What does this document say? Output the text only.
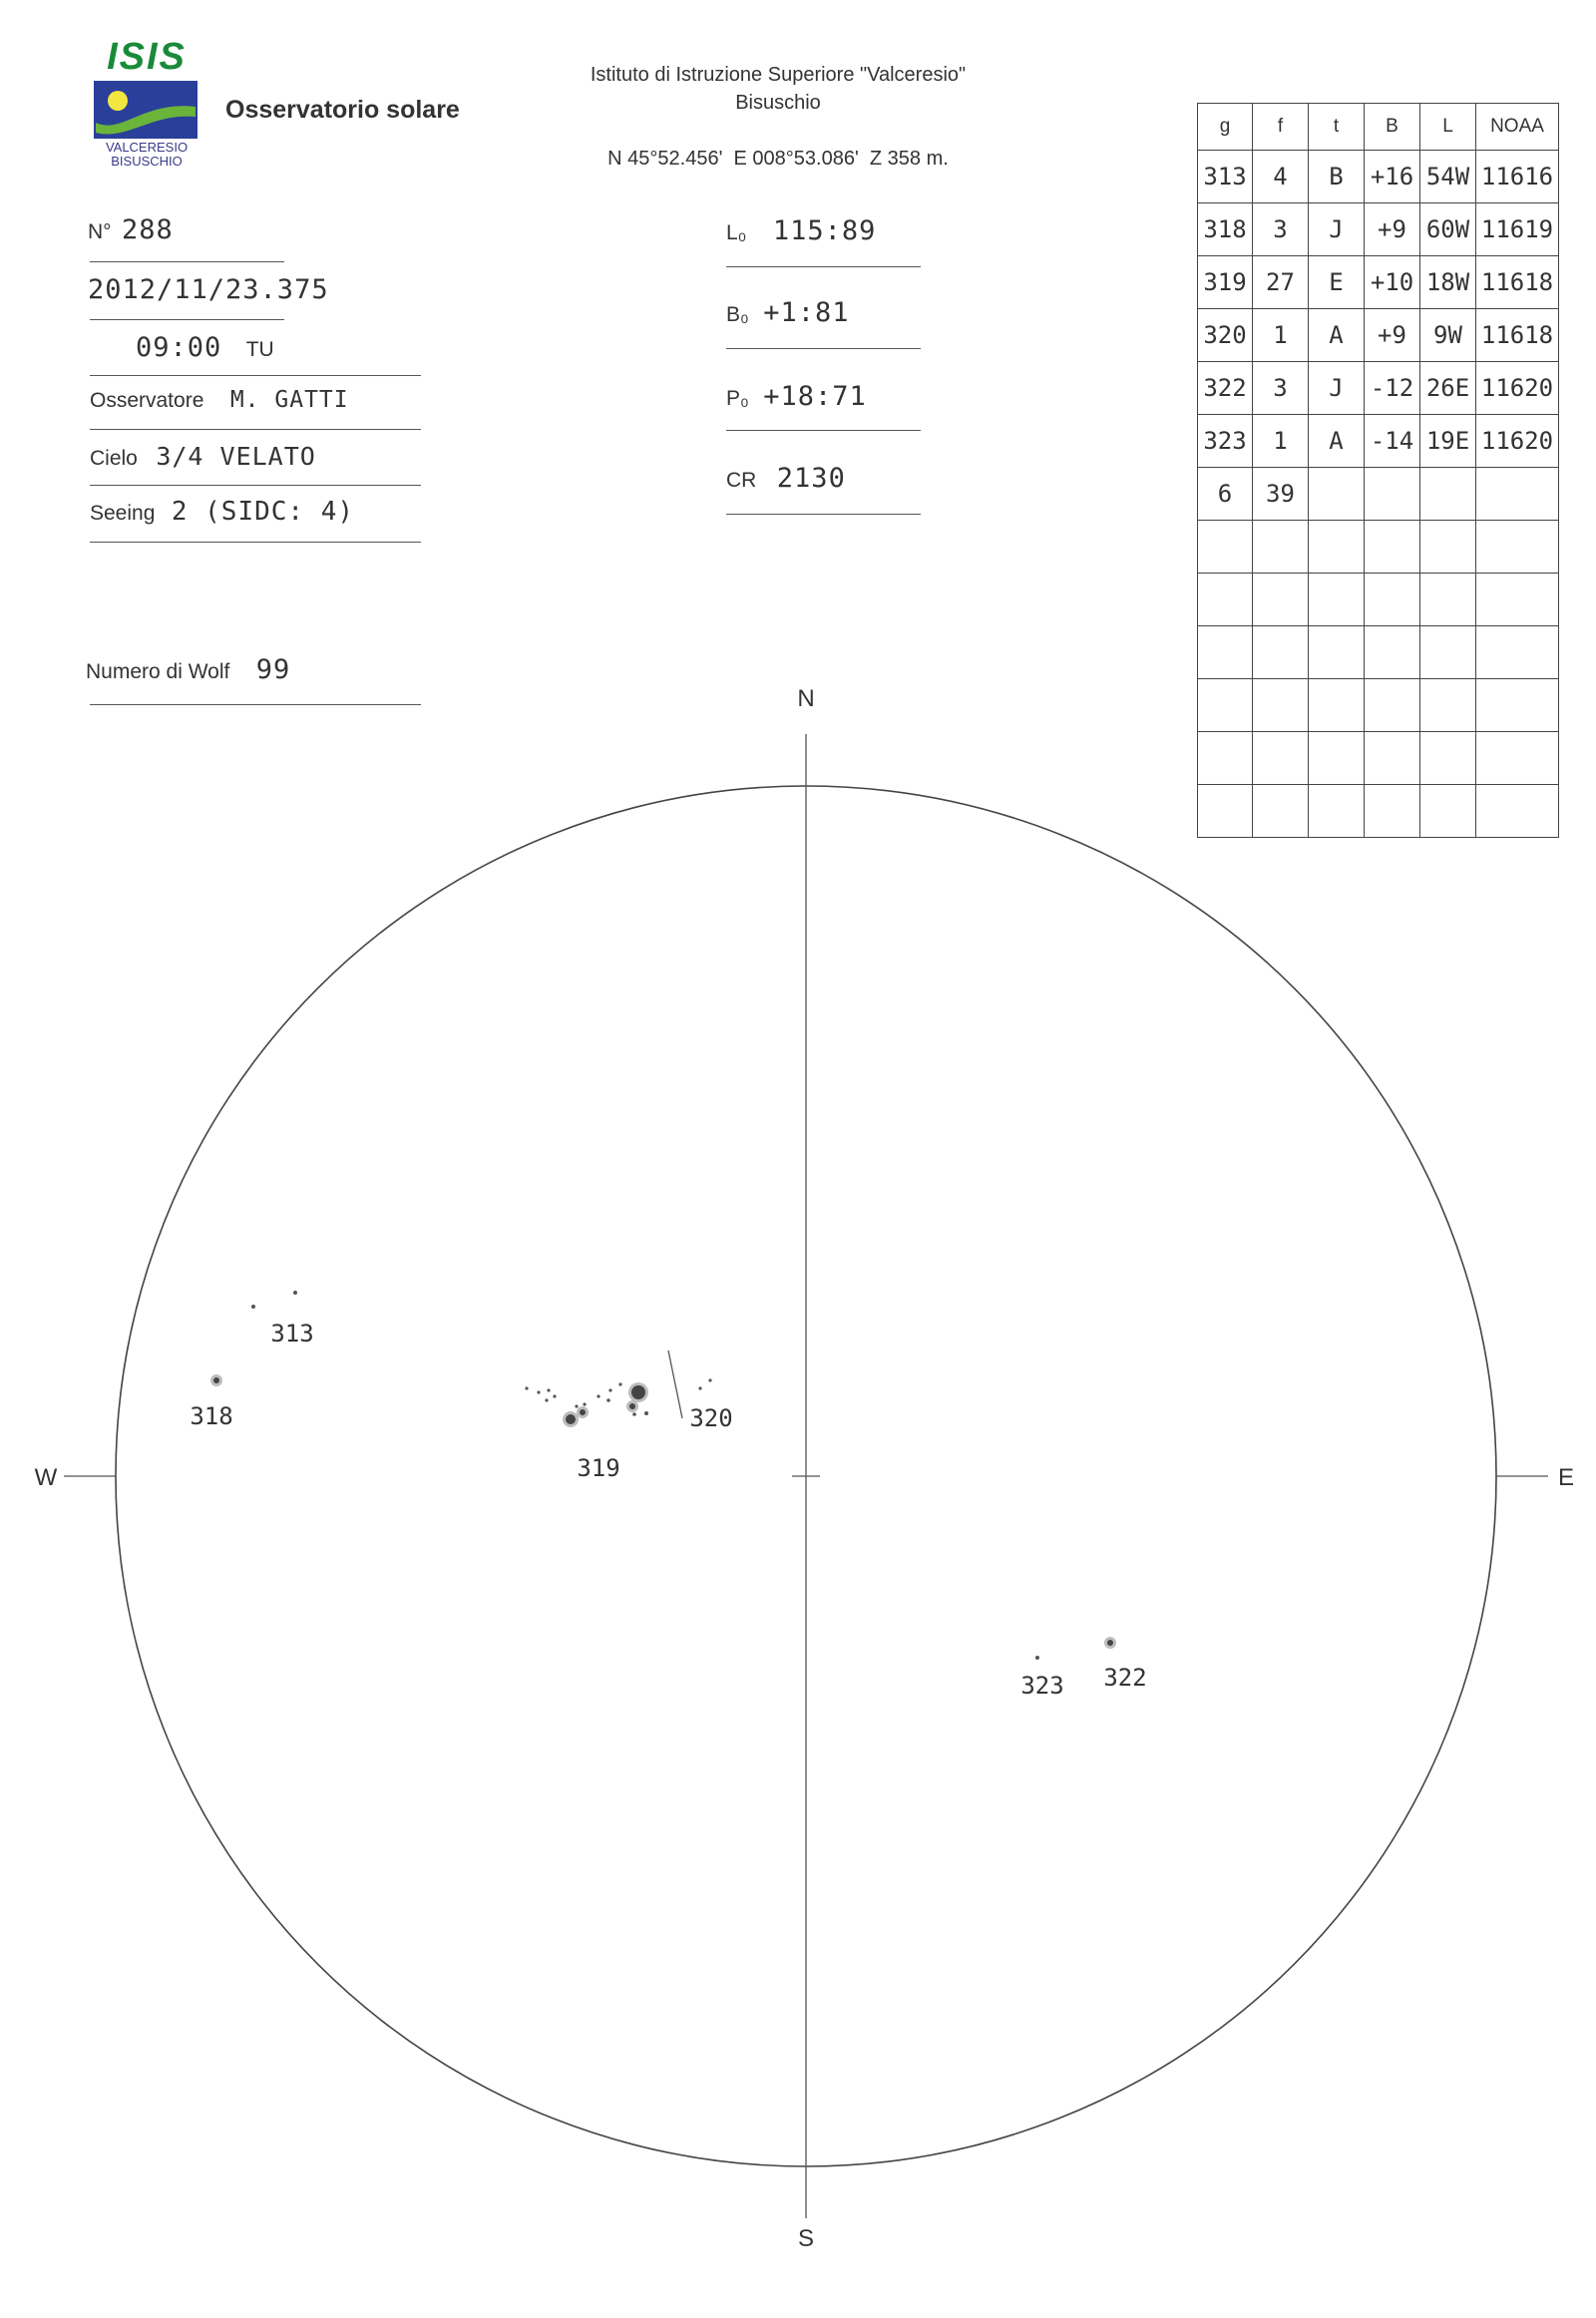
ISIS
VALCERESIO
BISUSCHIO
Osservatorio solare
Istituto di Istruzione Superiore "Valceresio"
Bisuschio
N 45°52.456'  E 008°53.086'  Z 358 m.
N° 288
2012/11/23.375
09:00 TU
Osservatore M. GATTI
Cielo 3/4 VELATO
Seeing 2 (SIDC: 4)
Numero di Wolf 99
L₀ 115:89
B₀ +1:81
P₀ +18:71
CR 2130
g	f	t	B	L	NOAA
313	4	B	+16	54W	11616
318	3	J	+9	60W	11619
319	27	E	+10	18W	11618
320	1	A	+9	9W	11618
322	3	J	-12	26E	11620
323	1	A	-14	19E	11620
6	39				

N
S
W	E
313
318
319
320
322
323
